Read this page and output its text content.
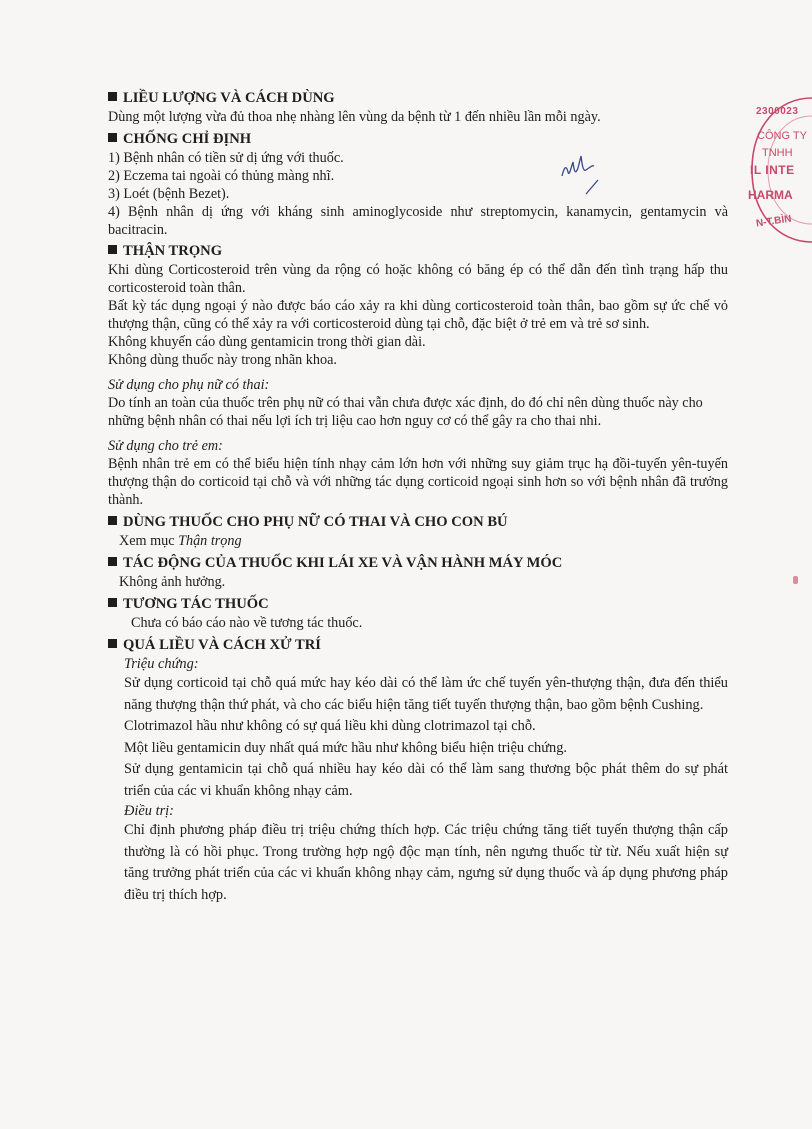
LIỀU LƯỢNG VÀ CÁCH DÙNG

Dùng một lượng vừa đủ thoa nhẹ nhàng lên vùng da bệnh từ 1 đến nhiều lần mỗi ngày.

CHỐNG CHỈ ĐỊNH

1) Bệnh nhân có tiền sử dị ứng với thuốc.

2) Eczema tai ngoài có thủng màng nhĩ.

3) Loét (bệnh Bezet).

4) Bệnh nhân dị ứng với kháng sinh aminoglycoside như streptomycin, kanamycin, gentamycin và bacitracin.

THẬN TRỌNG

Khi dùng Corticosteroid trên vùng da rộng có hoặc không có băng ép có thể dẫn đến tình trạng hấp thu corticosteroid toàn thân.

Bất kỳ tác dụng ngoại ý nào được báo cáo xảy ra khi dùng corticosteroid toàn thân, bao gồm sự ức chế vỏ thượng thận, cũng có thể xảy ra với corticosteroid dùng tại chỗ, đặc biệt ở trẻ em và trẻ sơ sinh.

Không khuyến cáo dùng gentamicin trong thời gian dài.

Không dùng thuốc này trong nhãn khoa.

Sử dụng cho phụ nữ có thai:

Do tính an toàn của thuốc trên phụ nữ có thai vẫn chưa được xác định, do đó chỉ nên dùng thuốc này cho những bệnh nhân có thai nếu lợi ích trị liệu cao hơn nguy cơ có thể gây ra cho thai nhi.

Sử dụng cho trẻ em:

Bệnh nhân trẻ em có thể biểu hiện tính nhạy cảm lớn hơn với những suy giảm trục hạ đồi-tuyến yên-tuyến thượng thận do corticoid tại chỗ và với những tác dụng corticoid ngoại sinh hơn so với bệnh nhân đã trưởng thành.

DÙNG THUỐC CHO PHỤ NỮ CÓ THAI VÀ CHO CON BÚ

Xem mục Thận trọng

TÁC ĐỘNG CỦA THUỐC KHI LÁI XE VÀ VẬN HÀNH MÁY MÓC

Không ảnh hưởng.

TƯƠNG TÁC THUỐC

Chưa có báo cáo nào về tương tác thuốc.

QUÁ LIỀU VÀ CÁCH XỬ TRÍ

Triệu chứng:

Sử dụng corticoid tại chỗ quá mức hay kéo dài có thể làm ức chế tuyến yên-thượng thận, đưa đến thiểu năng thượng thận thứ phát, và cho các biểu hiện tăng tiết tuyến thượng thận, bao gồm bệnh Cushing.

Clotrimazol hầu như không có sự quá liều khi dùng clotrimazol tại chỗ.

Một liều gentamicin duy nhất quá mức hầu như không biểu hiện triệu chứng.

Sử dụng gentamicin tại chỗ quá nhiều hay kéo dài có thể làm sang thương bộc phát thêm do sự phát triển của các vi khuẩn không nhạy cảm.

Điều trị:

Chỉ định phương pháp điều trị triệu chứng thích hợp. Các triệu chứng tăng tiết tuyến thượng thận cấp thường là có hồi phục. Trong trường hợp ngộ độc mạn tính, nên ngưng thuốc từ từ. Nếu xuất hiện sự tăng trưởng phát triển của các vi khuẩn không nhạy cảm, ngưng sử dụng thuốc và áp dụng phương pháp điều trị thích hợp.

2300023
CÔNG TY
TNHH
IL INTE
HARMA
N-T.BÌN
